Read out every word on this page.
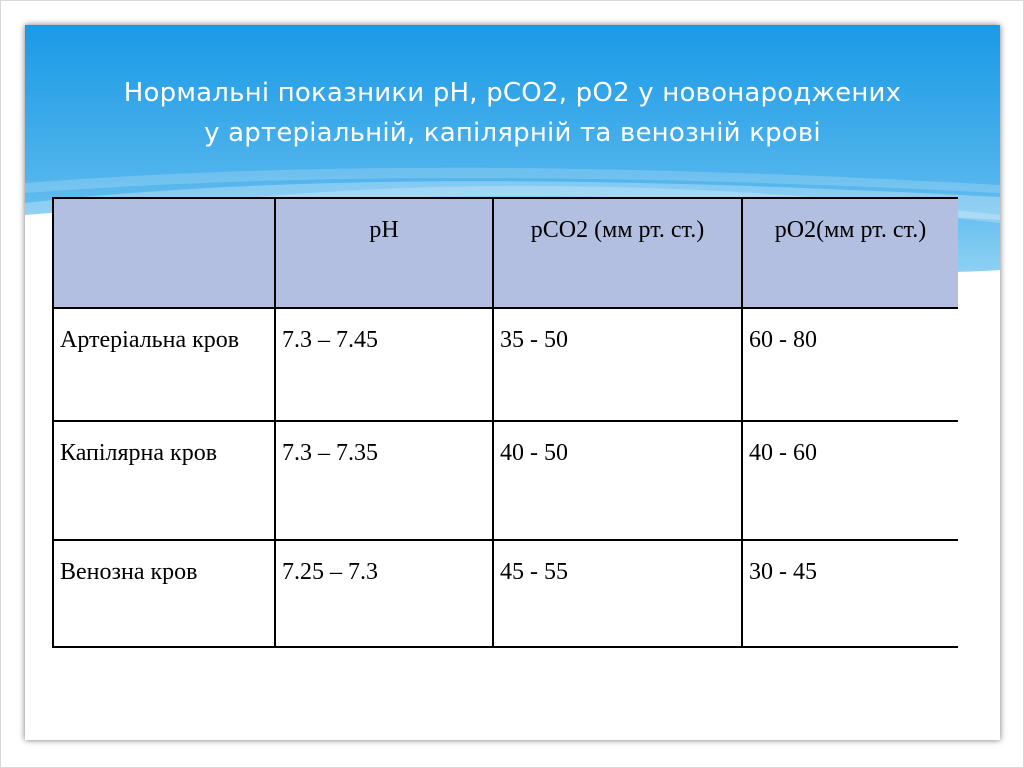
Нормальні показники pH, pCO2, pO2 у новонароджених
у артеріальній, капілярній та венозній крові
	pH	pCO2 (мм рт. ст.)	pO2(мм рт. ст.)
Артеріальна кров	7.3 – 7.45	35 - 50	60 - 80
Капілярна кров	7.3 – 7.35	40 - 50	40 - 60
Венозна кров	7.25 – 7.3	45 - 55	30 - 45
